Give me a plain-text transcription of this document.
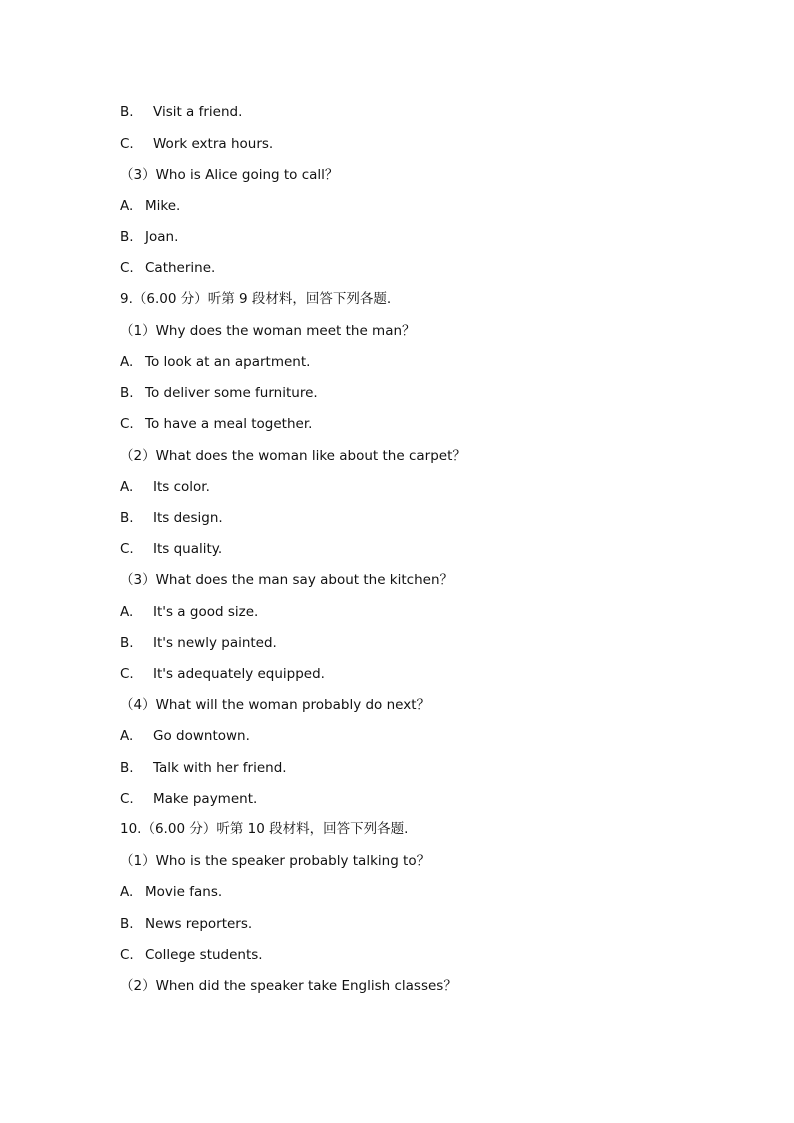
B. Visit a friend.
C. Work extra hours.
（3）Who is Alice going to call？
A. Mike.
B. Joan.
C. Catherine.
9.（6.00 分）听第 9 段材料，回答下列各题.
（1）Why does the woman meet the man？
A. To look at an apartment.
B. To deliver some furniture.
C. To have a meal together.
（2）What does the woman like about the carpet？
A. Its color.
B. Its design.
C. Its quality.
（3）What does the man say about the kitchen？
A. It's a good size.
B. It's newly painted.
C. It's adequately equipped.
（4）What will the woman probably do next？
A. Go downtown.
B. Talk with her friend.
C. Make payment.
10.（6.00 分）听第 10 段材料，回答下列各题.
（1）Who is the speaker probably talking to？
A. Movie fans.
B. News reporters.
C. College students.
（2）When did the speaker take English classes？
